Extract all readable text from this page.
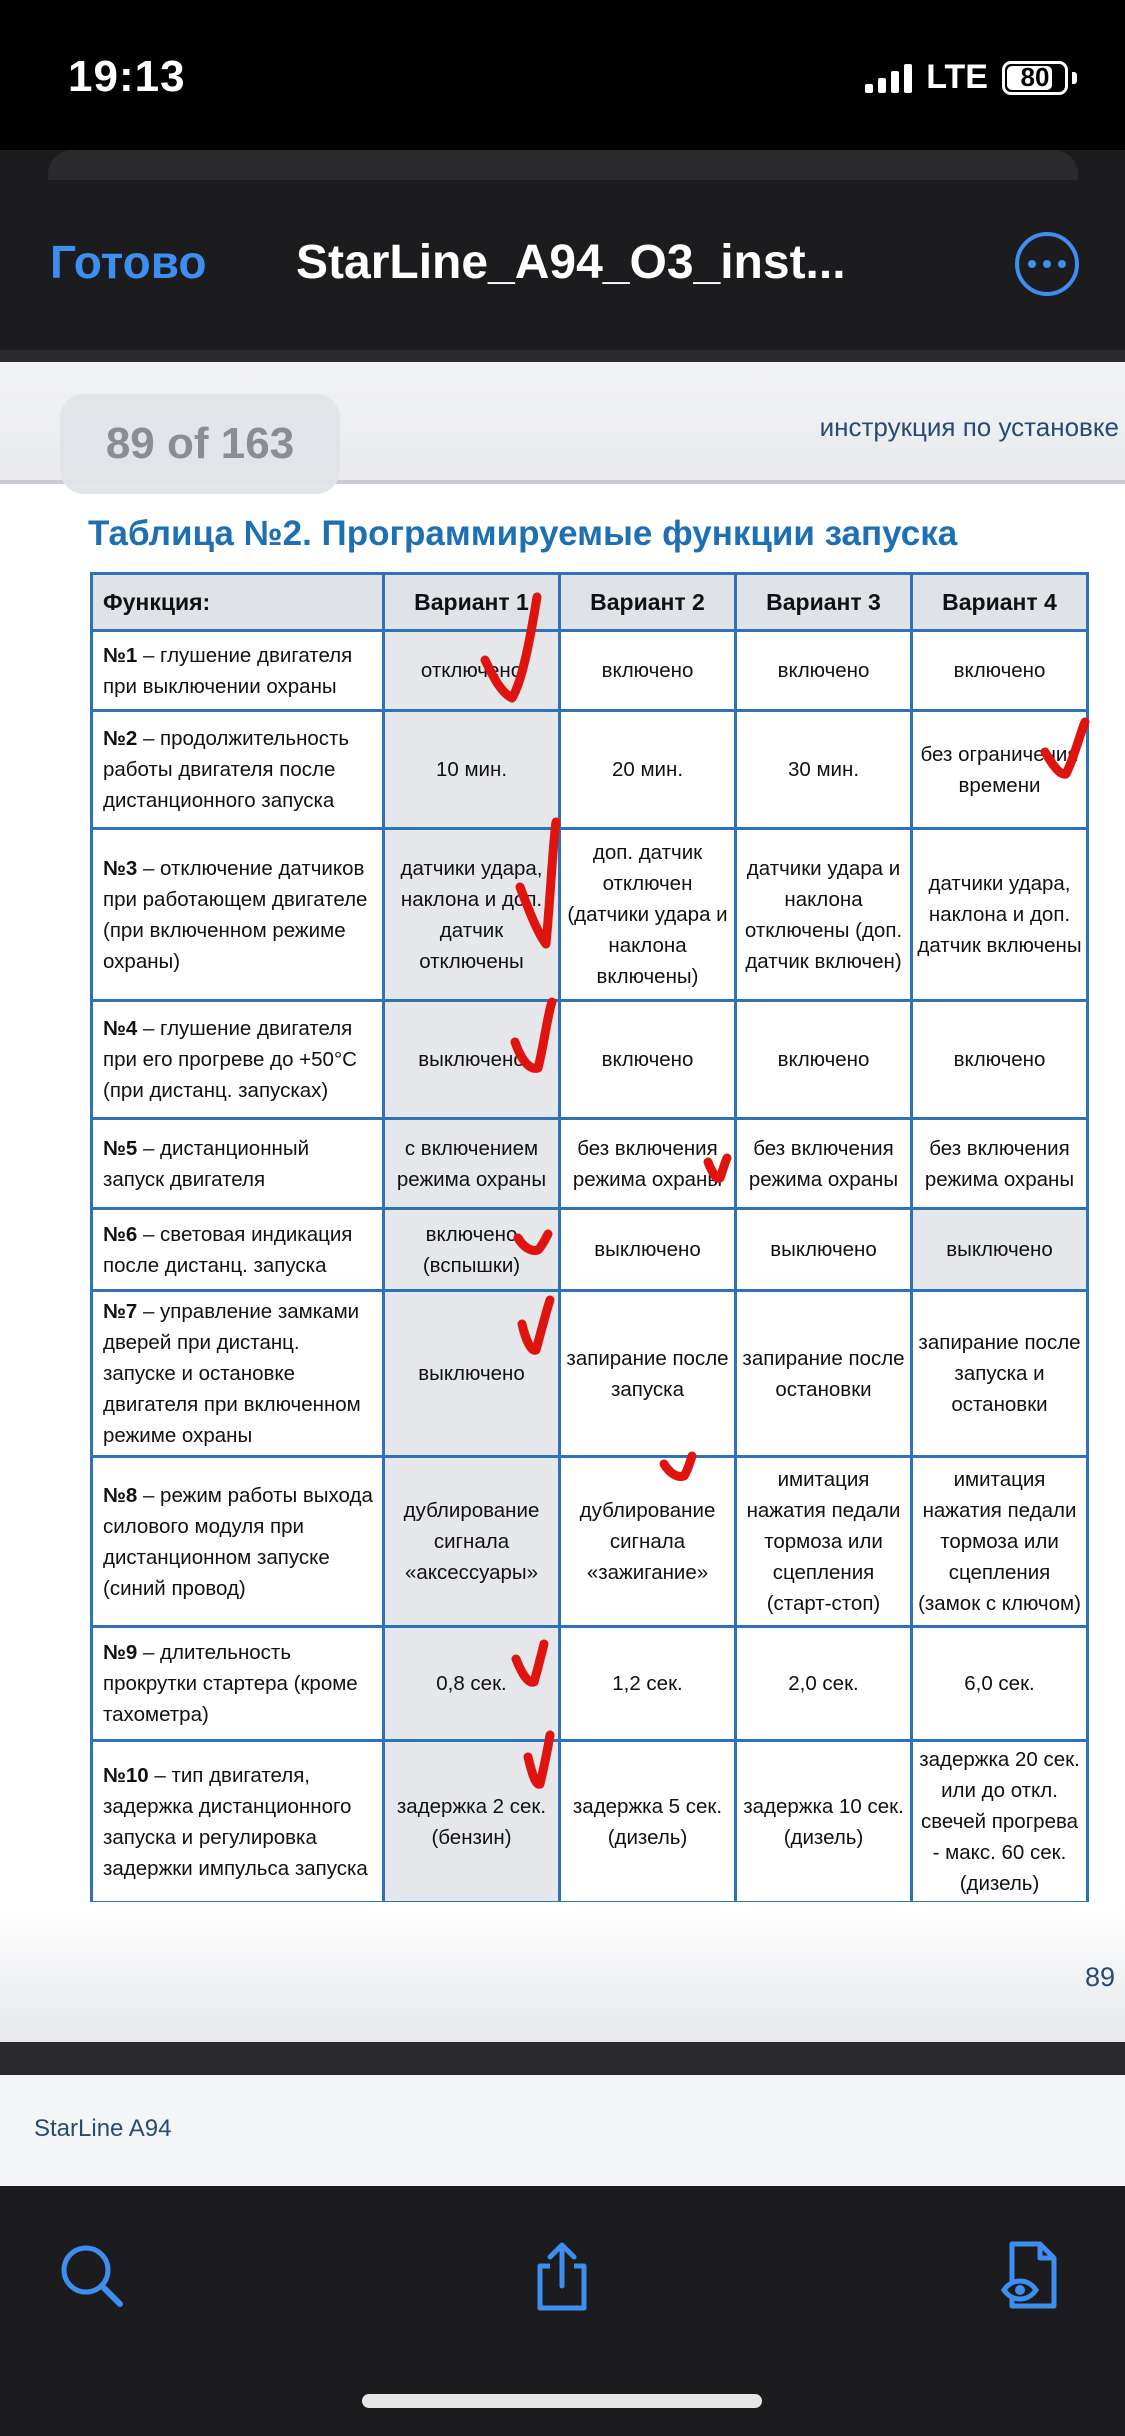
19:13	LTE 80
Готово StarLine_A94_O3_inst...
инструкция по установке
89 of 163
Таблица №2. Программируемые функции запуска
Функция:	Вариант 1	Вариант 2	Вариант 3	Вариант 4
№1 – глушение двигателя при выключении охраны	отключено	включено	включено	включено
№2 – продолжительность работы двигателя после дистанционного запуска	10 мин.	20 мин.	30 мин.	без ограничения времени
№3 – отключение датчиков при работающем двигателе (при включенном режиме охраны)	датчики удара, наклона и доп. датчик отключены	доп. датчик отключен (датчики удара и наклона включены)	датчики удара и наклона отключены (доп. датчик включен)	датчики удара, наклона и доп. датчик включены
№4 – глушение двигателя при его прогреве до +50°С (при дистанц. запусках)	выключено	включено	включено	включено
№5 – дистанционный запуск двигателя	с включением режима охраны	без включения режима охраны	без включения режима охраны	без включения режима охраны
№6 – световая индикация после дистанц. запуска	включено (вспышки)	выключено	выключено	выключено
№7 – управление замками дверей при дистанц. запуске и остановке двигателя при включенном режиме охраны	выключено	запирание после запуска	запирание после остановки	запирание после запуска и остановки
№8 – режим работы выхода силового модуля при дистанционном запуске (синий провод)	дублирование сигнала «аксессуары»	дублирование сигнала «зажигание»	имитация нажатия педали тормоза или сцепления (старт-стоп)	имитация нажатия педали тормоза или сцепления (замок с ключом)
№9 – длительность прокрутки стартера (кроме тахометра)	0,8 сек.	1,2 сек.	2,0 сек.	6,0 сек.
№10 – тип двигателя, задержка дистанционного запуска и регулировка задержки импульса запуска	задержка 2 сек. (бензин)	задержка 5 сек. (дизель)	задержка 10 сек. (дизель)	задержка 20 сек. или до откл. свечей прогрева - макс. 60 сек. (дизель)
89
StarLine A94
